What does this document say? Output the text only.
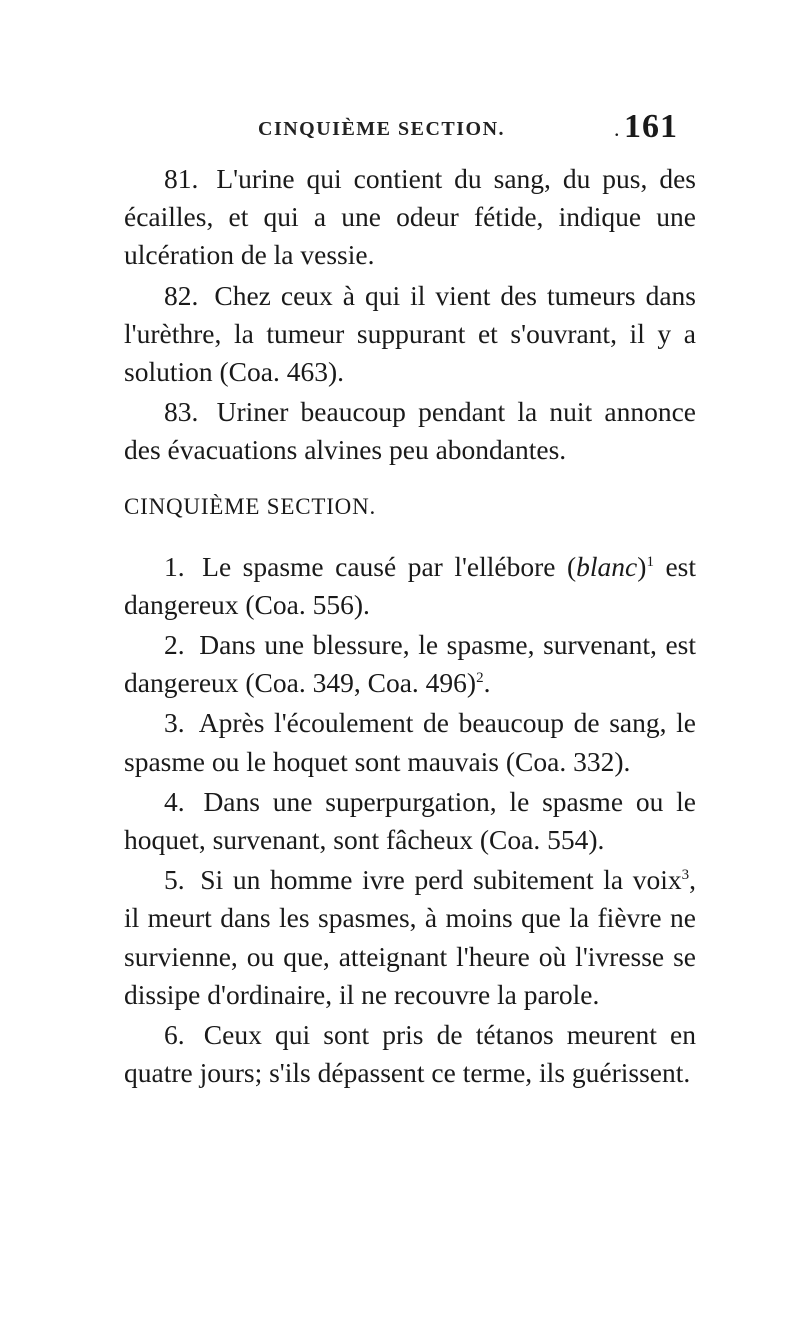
CINQUIÈME SECTION.	. 161

81. L'urine qui contient du sang, du pus, des écailles, et qui a une odeur fétide, indique une ulcération de la vessie.

82. Chez ceux à qui il vient des tumeurs dans l'urèthre, la tumeur suppurant et s'ouvrant, il y a solution (Coa. 463).

83. Uriner beaucoup pendant la nuit annonce des évacuations alvines peu abondantes.

CINQUIÈME SECTION.

1. Le spasme causé par l'ellébore (blanc)$^1$ est dangereux (Coa. 556).

2. Dans une blessure, le spasme, survenant, est dangereux (Coa. 349, Coa. 496)$^2$.

3. Après l'écoulement de beaucoup de sang, le spasme ou le hoquet sont mauvais (Coa. 332).

4. Dans une superpurgation, le spasme ou le hoquet, survenant, sont fâcheux (Coa. 554).

5. Si un homme ivre perd subitement la voix$^3$, il meurt dans les spasmes, à moins que la fièvre ne survienne, ou que, atteignant l'heure où l'ivresse se dissipe d'ordinaire, il ne recouvre la parole.

6. Ceux qui sont pris de tétanos meurent en quatre jours; s'ils dépassent ce terme, ils guérissent.
